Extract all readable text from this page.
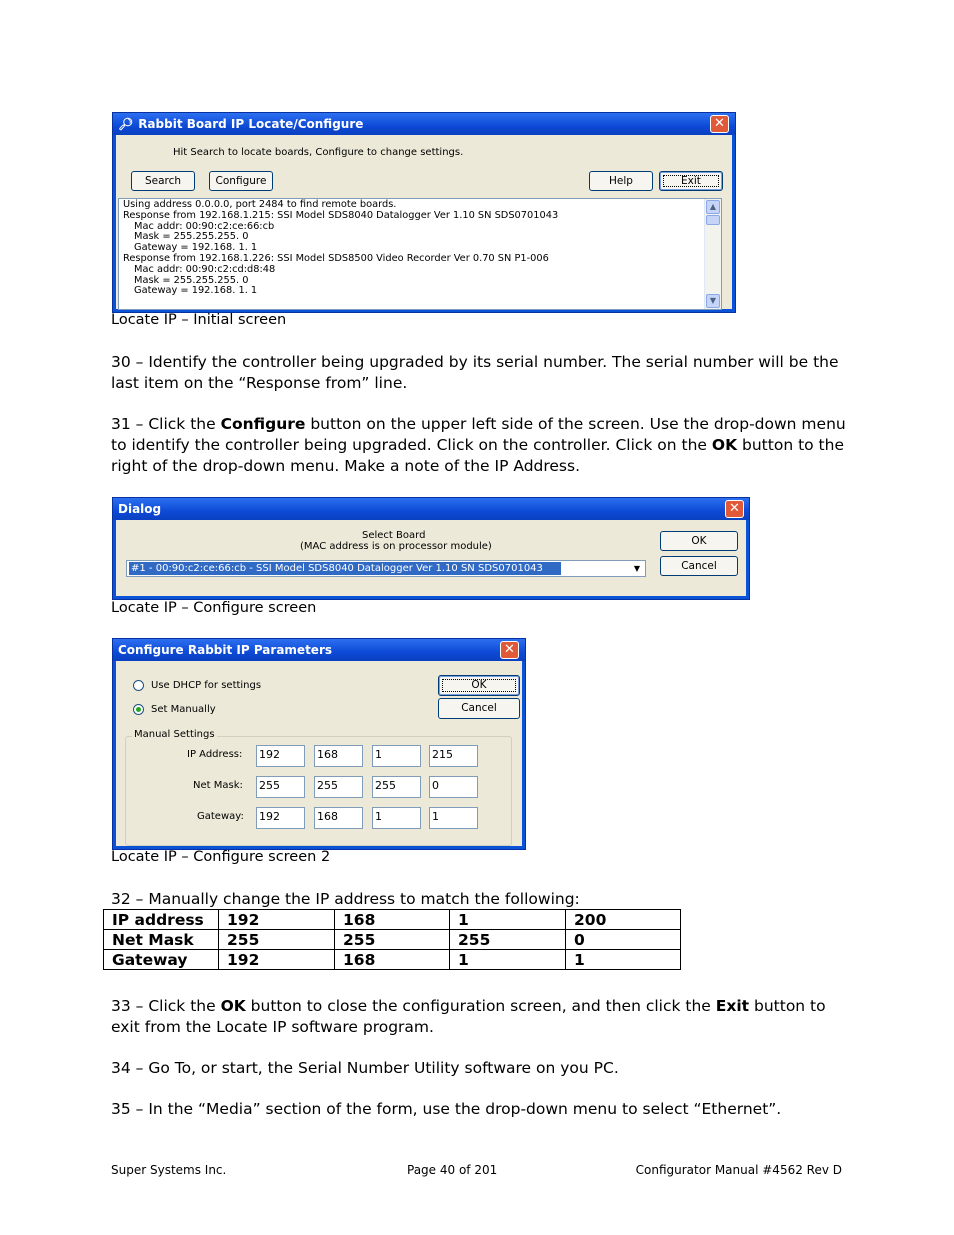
🔎︎ Rabbit Board IP Locate/Configure	✕
Hit Search to locate boards, Configure to change settings.
Search	Configure	Help	Exit
Using address 0.0.0.0, port 2484 to find remote boards.
Response from 192.168.1.215: SSI Model SDS8040 Datalogger Ver 1.10 SN SDS0701043
Mac addr: 00:90:c2:ce:66:cb
Mask = 255.255.255. 0
Gateway = 192.168. 1. 1
Response from 192.168.1.226: SSI Model SDS8500 Video Recorder Ver 0.70 SN P1-006
Mac addr: 00:90:c2:cd:d8:48
Mask = 255.255.255. 0
Gateway = 192.168. 1. 1
▲
▼
Locate IP – Initial screen
30 – Identify the controller being upgraded by its serial number. The serial number will be the last item on the “Response from” line.
31 – Click the Configure button on the upper left side of the screen. Use the drop-down menu to identify the controller being upgraded. Click on the controller. Click on the OK button to the right of the drop-down menu. Make a note of the IP Address.
Dialog	✕
Select Board
(MAC address is on processor module)
#1 - 00:90:c2:ce:66:cb - SSI Model SDS8040 Datalogger Ver 1.10 SN SDS0701043	▼
OK
Cancel
Locate IP – Configure screen
Configure Rabbit IP Parameters	✕
Use DHCP for settings
Set Manually
OK
Cancel
Manual Settings
IP Address: 192	168	1	215
Net Mask: 255	255	255	0
Gateway: 192	168	1	1
Locate IP – Configure screen 2
32 – Manually change the IP address to match the following:
IP address	192	168	1	200
Net Mask	255	255	255	0
Gateway	192	168	1	1
33 – Click the OK button to close the configuration screen, and then click the Exit button to exit from the Locate IP software program.
34 – Go To, or start, the Serial Number Utility software on you PC.
35 – In the “Media” section of the form, use the drop-down menu to select “Ethernet”.
Super Systems Inc.	Page 40 of 201	Configurator Manual #4562 Rev D
